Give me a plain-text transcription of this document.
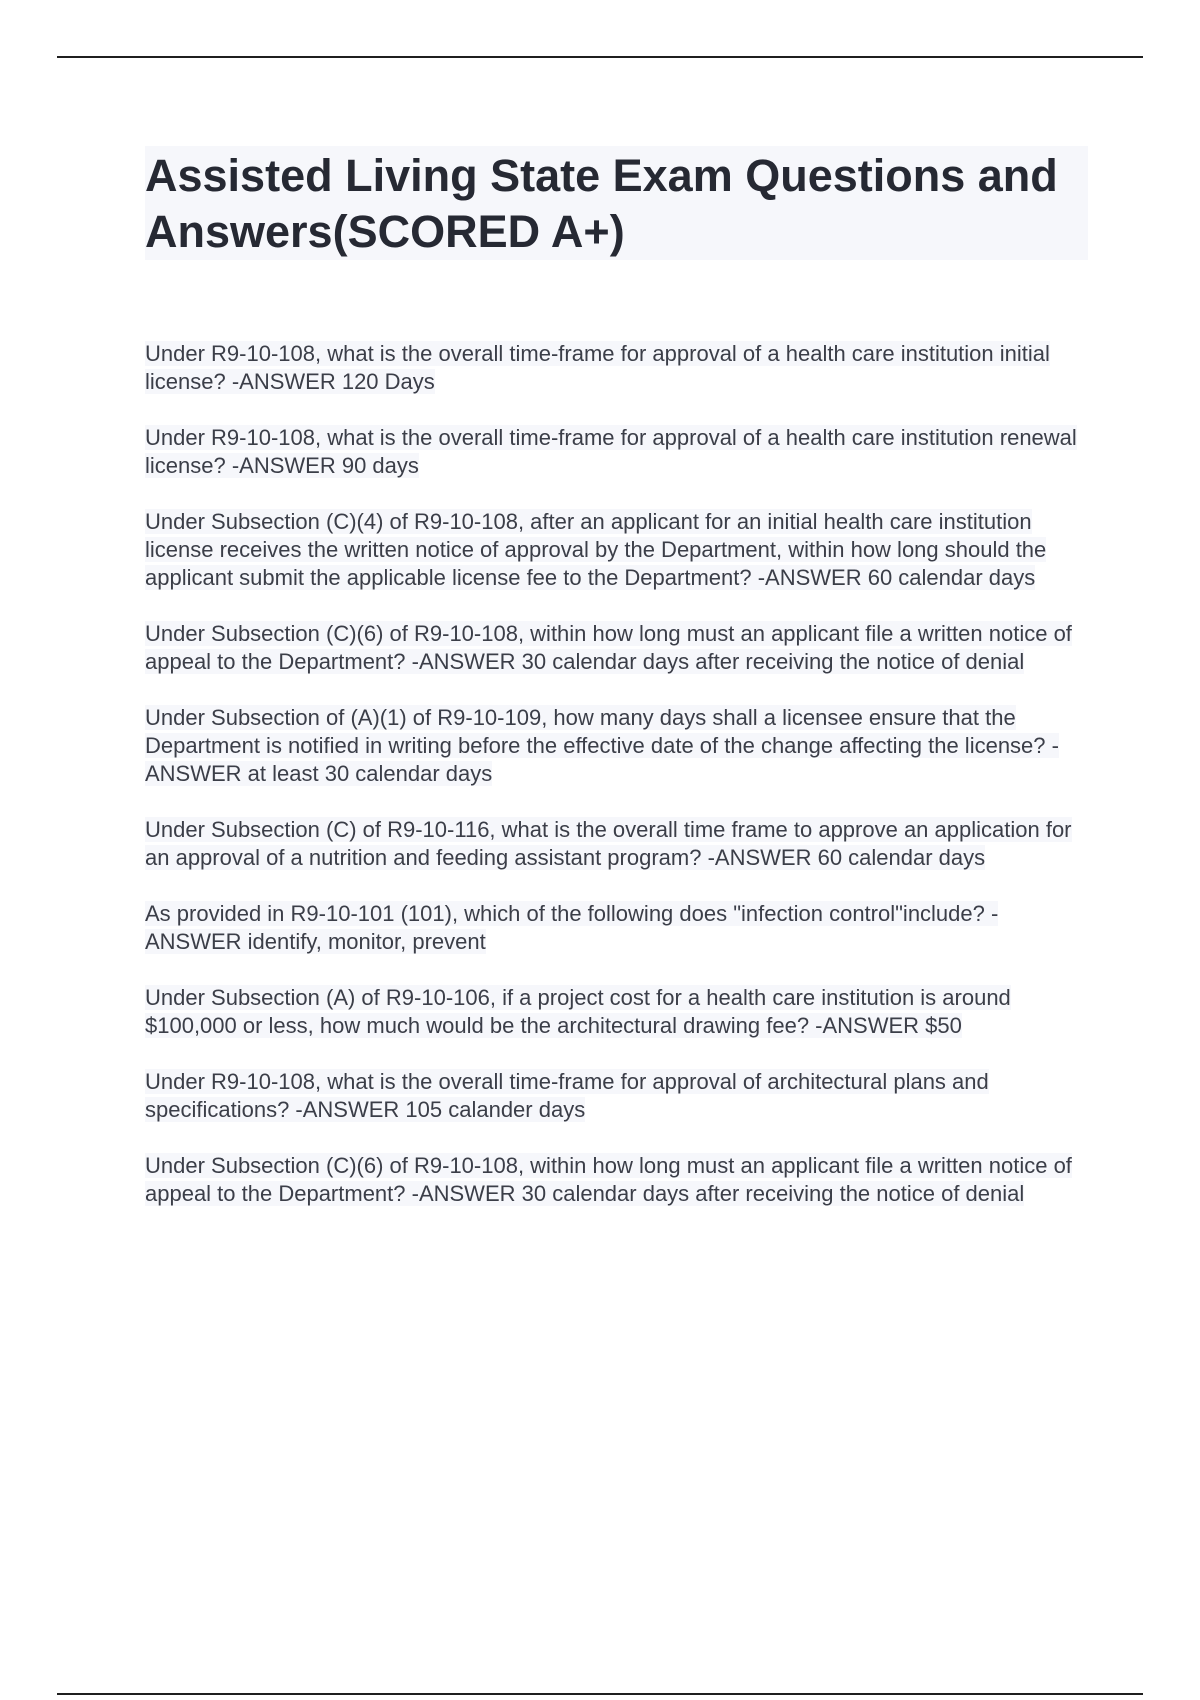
Assisted Living State Exam Questions and Answers(SCORED A+)
Under R9-10-108, what is the overall time-frame for approval of a health care institution initial license? -ANSWER 120 Days
Under R9-10-108, what is the overall time-frame for approval of a health care institution renewal license? -ANSWER 90 days
Under Subsection (C)(4) of R9-10-108, after an applicant for an initial health care institution license receives the written notice of approval by the Department, within how long should the applicant submit the applicable license fee to the Department? -ANSWER 60 calendar days
Under Subsection (C)(6) of R9-10-108, within how long must an applicant file a written notice of appeal to the Department? -ANSWER 30 calendar days after receiving the notice of denial
Under Subsection of (A)(1) of R9-10-109, how many days shall a licensee ensure that the Department is notified in writing before the effective date of the change affecting the license? -ANSWER at least 30 calendar days
Under Subsection (C) of R9-10-116, what is the overall time frame to approve an application for an approval of a nutrition and feeding assistant program? -ANSWER 60 calendar days
As provided in R9-10-101 (101), which of the following does "infection control"include? -ANSWER identify, monitor, prevent
Under Subsection (A) of R9-10-106, if a project cost for a health care institution is around $100,000 or less, how much would be the architectural drawing fee? -ANSWER $50
Under R9-10-108, what is the overall time-frame for approval of architectural plans and specifications? -ANSWER 105 calander days
Under Subsection (C)(6) of R9-10-108, within how long must an applicant file a written notice of appeal to the Department? -ANSWER 30 calendar days after receiving the notice of denial
